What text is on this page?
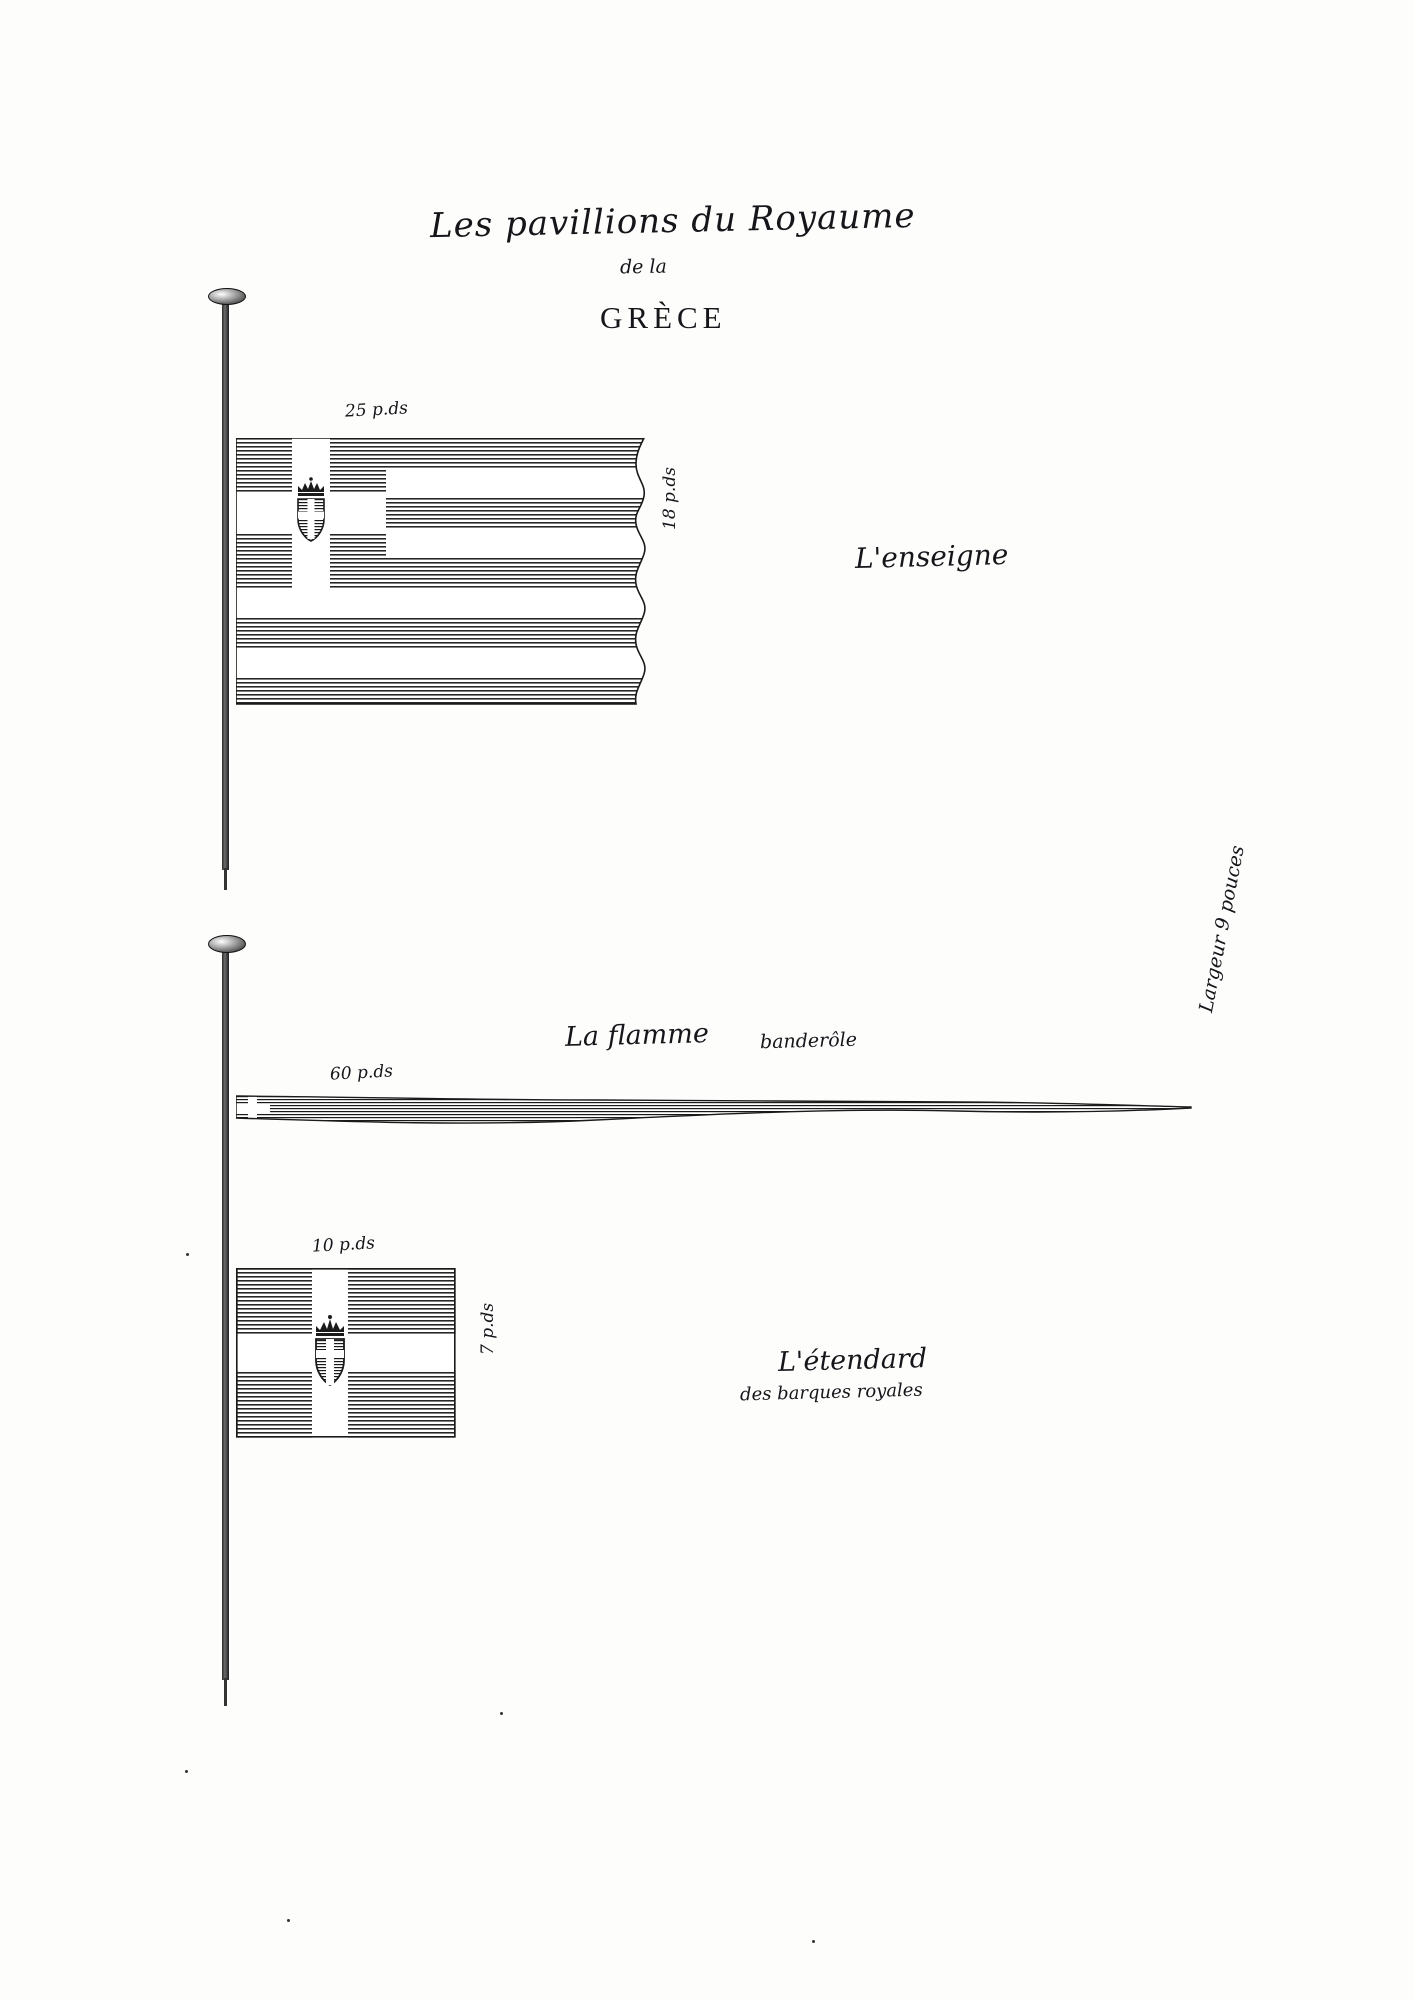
Les pavillions du Royaume
de la
GRÈCE
25 p.ds
18 p.ds
L'enseigne
60 p.ds
Largeur 9 pouces
La flamme	banderôle
10 p.ds
7 p.ds
L'étendard
des barques royales
